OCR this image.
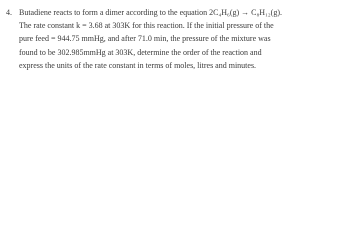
4. Butadiene reacts to form a dimer according to the equation 2C₄H₆(g) → C₈H₁₂(g).
The rate constant k = 3.68 at 303K for this reaction. If the initial pressure of the
pure feed = 944.75 mmHg, and after 71.0 min, the pressure of the mixture was
found to be 302.985mmHg at 303K, determine the order of the reaction and
express the units of the rate constant in terms of moles, litres and minutes.
